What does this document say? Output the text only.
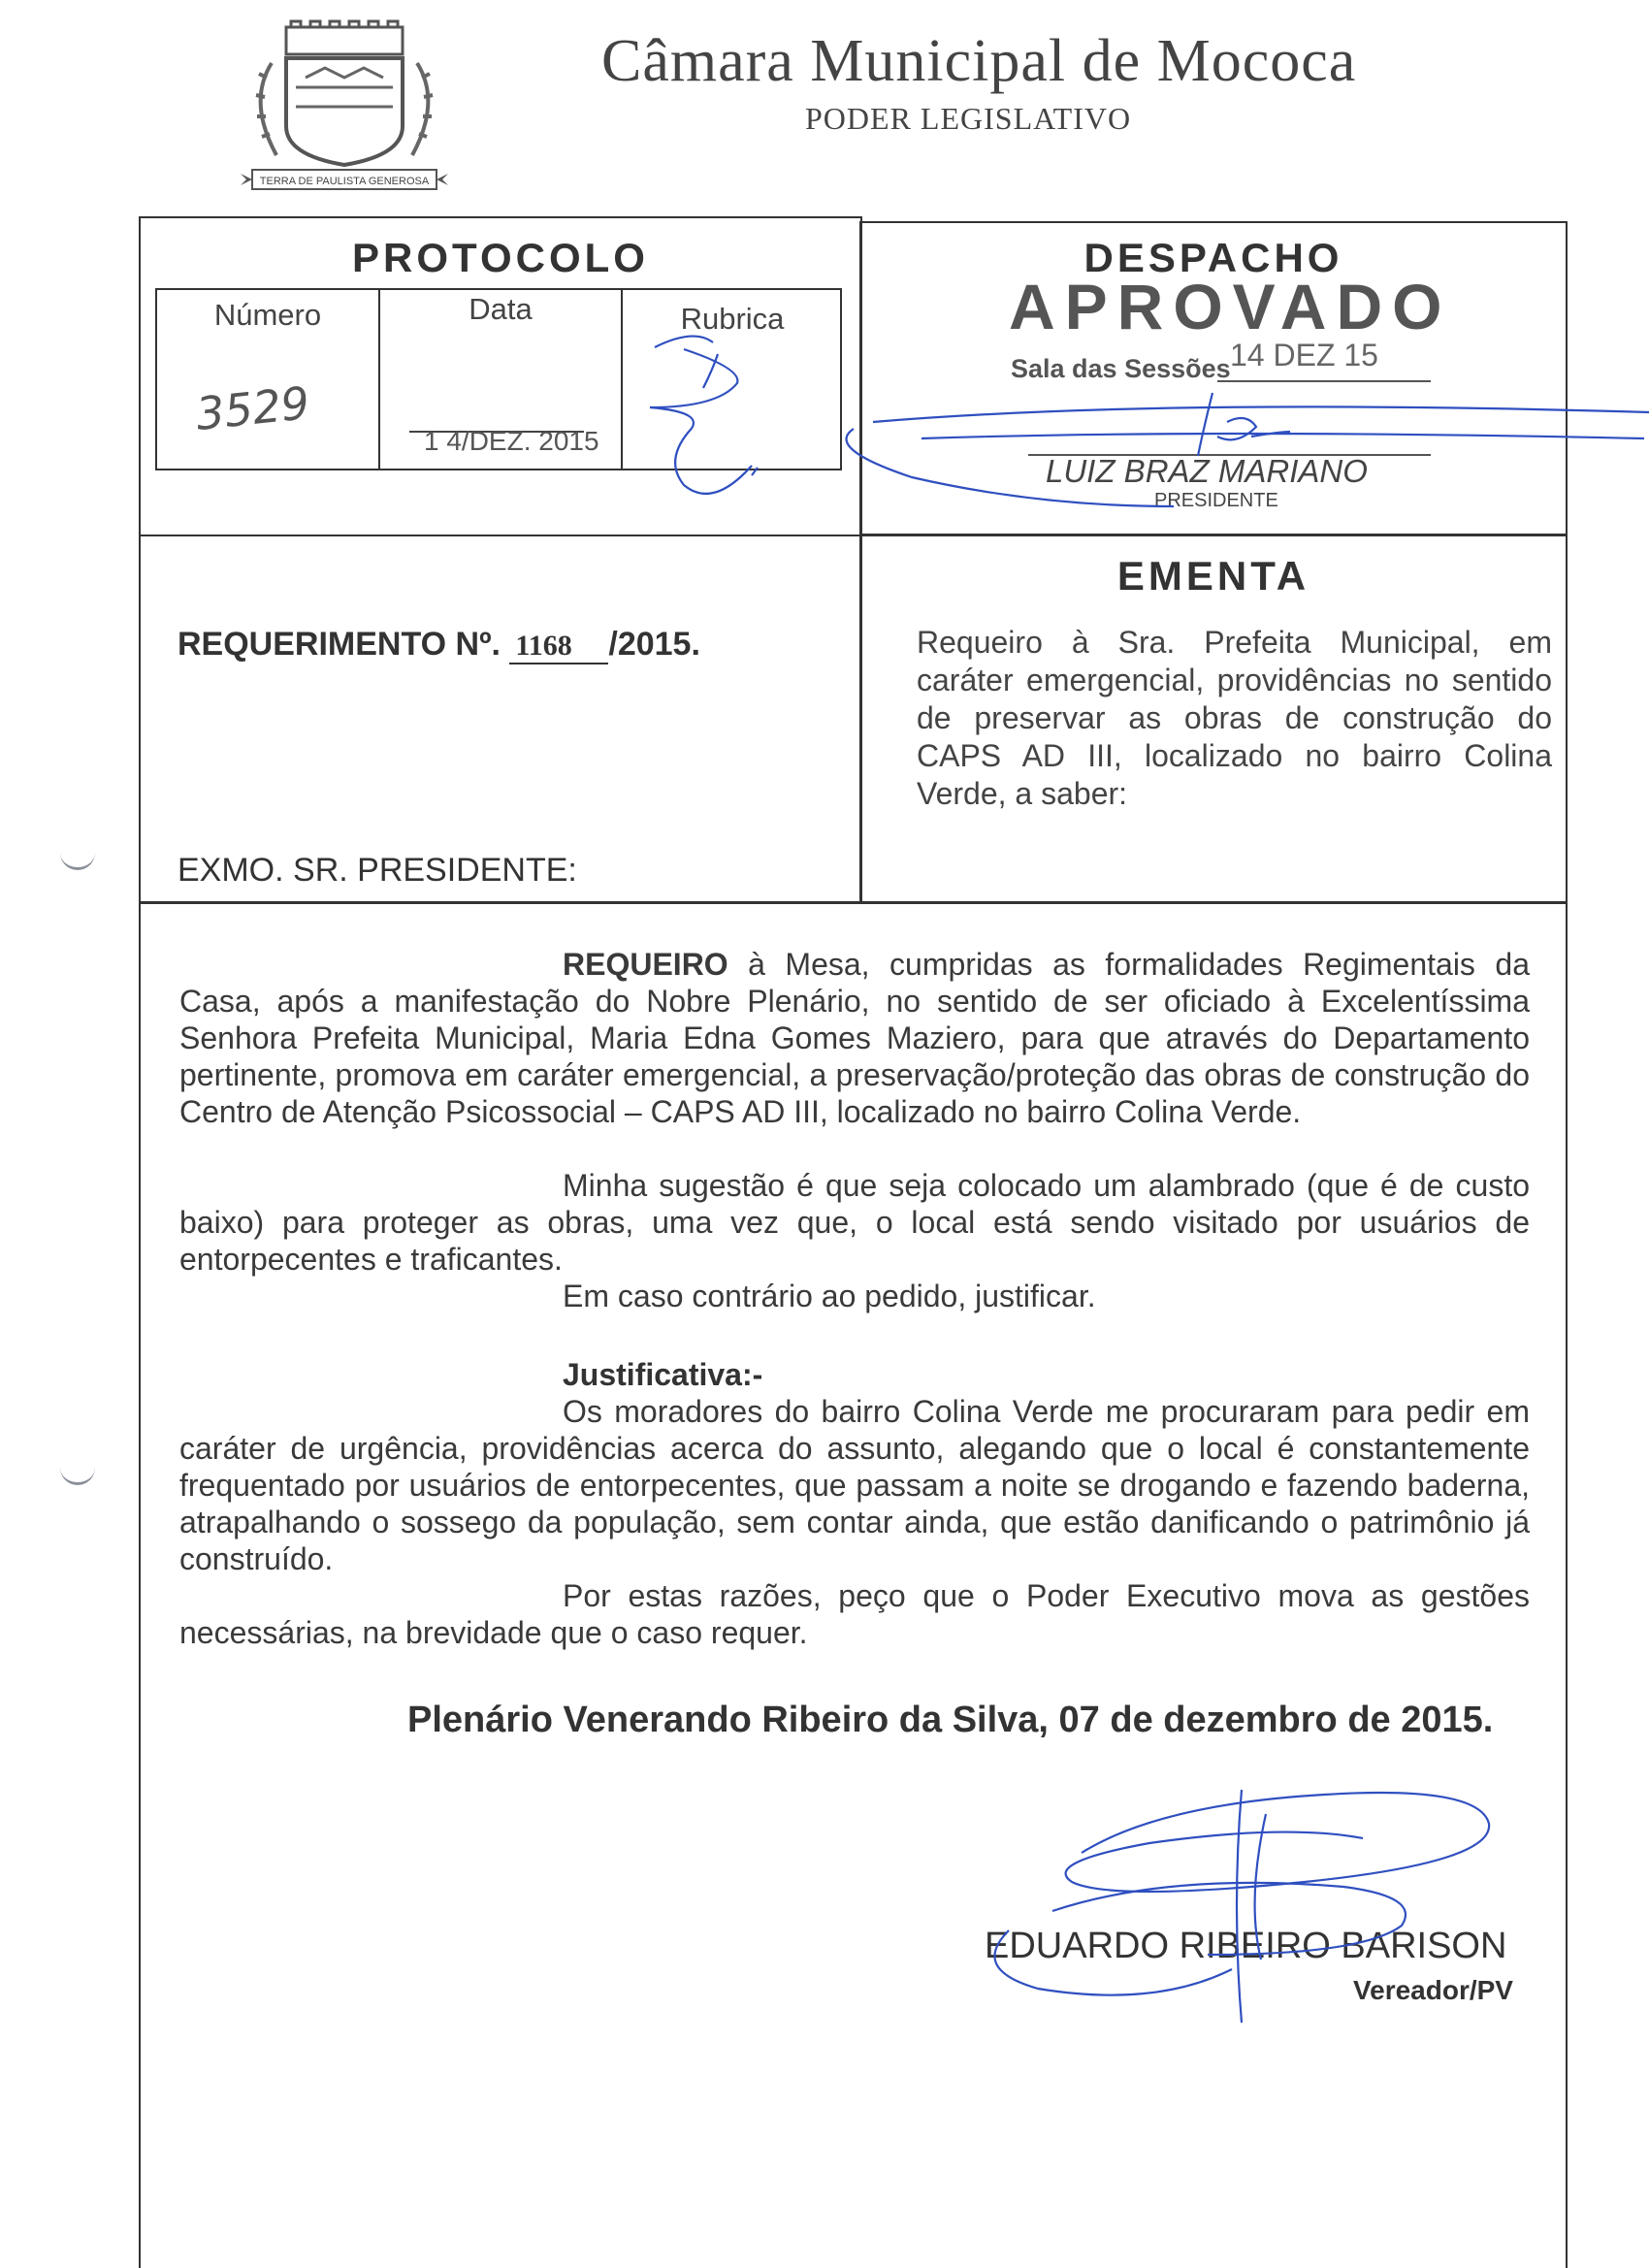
TERRA DE PAULISTA GENEROSA
Câmara Municipal de Mococa
PODER LEGISLATIVO
PROTOCOLO
Número
3529
Data
1 4/DEZ. 2015
Rubrica
DESPACHO
APROVADO
Sala das Sessões 14 DEZ 15
LUIZ BRAZ MARIANO
PRESIDENTE
REQUERIMENTO Nº. 1168 /2015.
EXMO. SR. PRESIDENTE:
EMENTA
Requeiro à Sra. Prefeita Municipal, em caráter emergencial, providências no sentido de preservar as obras de construção do CAPS AD III, localizado no bairro Colina Verde, a saber:
REQUEIRO à Mesa, cumpridas as formalidades Regimentais da Casa, após a manifestação do Nobre Plenário, no sentido de ser oficiado à Excelentíssima Senhora Prefeita Municipal, Maria Edna Gomes Maziero, para que através do Departamento pertinente, promova em caráter emergencial, a preservação/proteção das obras de construção do Centro de Atenção Psicossocial – CAPS AD III, localizado no bairro Colina Verde.
Minha sugestão é que seja colocado um alambrado (que é de custo baixo) para proteger as obras, uma vez que, o local está sendo visitado por usuários de entorpecentes e traficantes.
Em caso contrário ao pedido, justificar.
Justificativa:-
Os moradores do bairro Colina Verde me procuraram para pedir em caráter de urgência, providências acerca do assunto, alegando que o local é constantemente frequentado por usuários de entorpecentes, que passam a noite se drogando e fazendo baderna, atrapalhando o sossego da população, sem contar ainda, que estão danificando o patrimônio já construído.
Por estas razões, peço que o Poder Executivo mova as gestões necessárias, na brevidade que o caso requer.
Plenário Venerando Ribeiro da Silva, 07 de dezembro de 2015.
EDUARDO RIBEIRO BARISON
Vereador/PV
